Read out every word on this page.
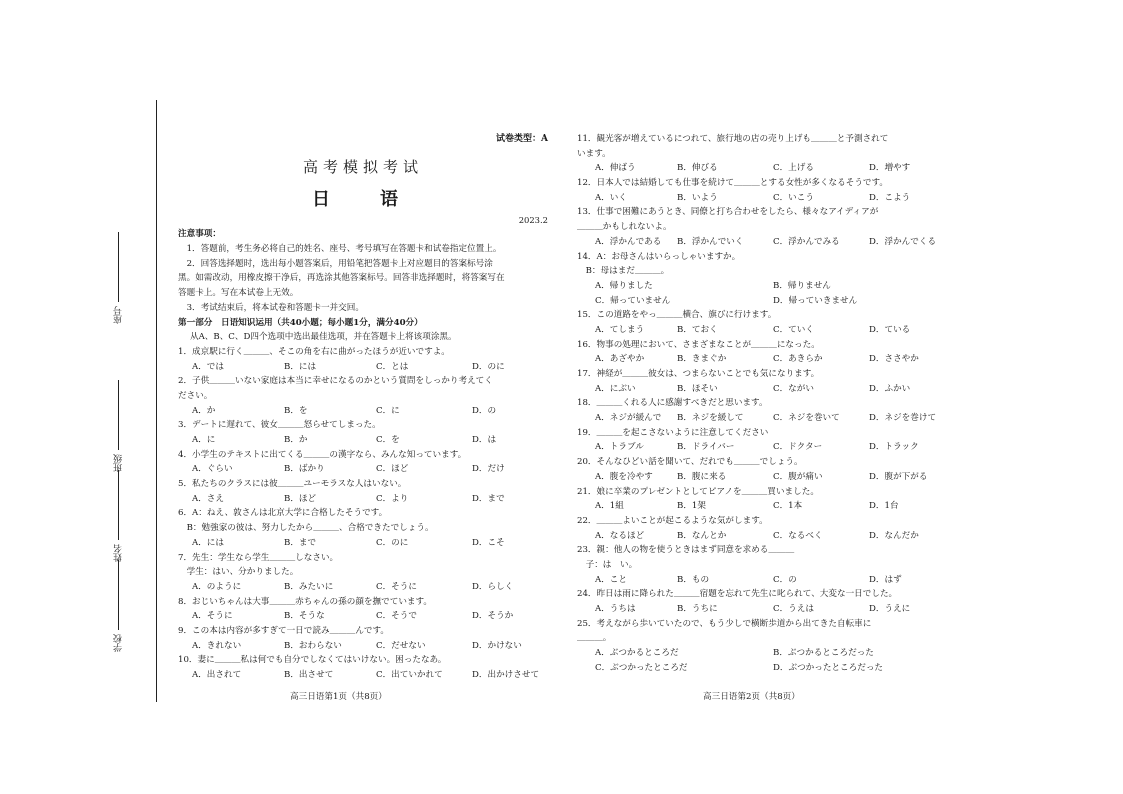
座号
班级
姓名
学校
试卷类型：A
高考模拟考试
日　语
2023.2
注意事项：
　1．答题前，考生务必将自己的姓名、座号、考号填写在答题卡和试卷指定位置上。
　2．回答选择题时，选出每小题答案后，用铅笔把答题卡上对应题目的答案标号涂
黑。如需改动，用橡皮擦干净后，再选涂其他答案标号。回答非选择题时，将答案写在
答题卡上。写在本试卷上无效。
　3．考试结束后，将本试卷和答题卡一并交回。
第一部分　日语知识运用（共40小题；每小题1分，满分40分）
从A、B、C、D四个选项中选出最佳选项，并在答题卡上将该项涂黑。
1．成京駅に行く＿＿＿、そこの角を右に曲がったほうが近いですよ。
A．では	B．には	C．とは	D．のに
2．子供＿＿＿いない家庭は本当に幸せになるのかという質問をしっかり考えてく
ださい。
A．か	B．を	C．に	D．の
3．デートに遅れて、彼女＿＿＿怒らせてしまった。
A．に	B．か	C．を	D．は
4．小学生のテキストに出てくる＿＿＿の漢字なら、みんな知っています。
A．ぐらい	B．ばかり	C．ほど	D．だけ
5．私たちのクラスには彼＿＿＿ユーモラスな人はいない。
A．さえ	B．ほど	C．より	D．まで
6．A：ねえ、敦さんは北京大学に合格したそうです。
　B：勉強家の彼は、努力したから＿＿＿、合格できたでしょう。
A．には	B．まで	C．のに	D．こそ
7．先生：学生なら学生＿＿＿しなさい。
　学生：はい、分かりました。
A．のように	B．みたいに	C．そうに	D．らしく
8．おじいちゃんは大事＿＿＿赤ちゃんの孫の顔を撫でています。
A．そうに	B．そうな	C．そうで	D．そうか
9．この本は内容が多すぎて一日で読み＿＿＿んです。
A．きれない	B．おわらない	C．だせない	D．かけない
10．妻に＿＿＿私は何でも自分でしなくてはいけない。困ったなあ。
A．出されて	B．出させて	C．出ていかれて	D．出かけさせて
高三日语第1页（共8页）
11．観光客が増えているにつれて、旅行地の店の売り上げも＿＿＿と予測されて
います。
A．伸ばう	B．伸びる	C．上げる	D．増やす
12．日本人では結婚しても仕事を続けて＿＿＿とする女性が多くなるそうです。
A．いく	B．いよう	C．いこう	D．こよう
13．仕事で困難にあうとき、同僚と打ち合わせをしたら、様々なアイディアが
＿＿＿かもしれないよ。
A．浮かんである B．浮かんでいく	C．浮かんでみる	D．浮かんでくる
14．A：お母さんはいらっしゃいますか。
　B：母はまだ＿＿＿。
A．帰りました	B．帰りません
C．帰っていません	D．帰っていきません
15．この道路をやっ＿＿＿横合、旗びに行けます。
A．てしまう	B．ておく	C．ていく	D．ている
16．物事の処理において、さまざまなことが＿＿＿になった。
A．あざやか	B．きまぐか	C．あきらか	D．ささやか
17．神経が＿＿＿彼女は、つまらないことでも気になります。
A．にぶい	B．ほそい	C．ながい	D．ふかい
18．＿＿＿くれる人に感謝すべきだと思います。
A．ネジが緩んで B．ネジを緩して	C．ネジを巻いて	D．ネジを巻けて
19．＿＿＿を起こさないように注意してください
A．トラブル	B．ドライバー	C．ドクター	D．トラック
20．そんなひどい話を聞いて、だれでも＿＿＿でしょう。
A．腹を冷やす	B．腹に来る	C．腹が痛い	D．腹が下がる
21．娘に卒業のプレゼントとしてピアノを＿＿＿買いました。
A．1組	B．1架	C．1本	D．1台
22．＿＿＿よいことが起こるような気がします。
A．なるほど	B．なんとか	C．なるべく	D．なんだか
23．親：他人の物を使うときはまず同意を求める＿＿＿
　子：は　い。
A．こと	B．もの	C．の	D．はず
24．昨日は雨に降られた＿＿＿宿題を忘れて先生に叱られて、大変な一日でした。
A．うちは	B．うちに	C．うえは	D．うえに
25．考えながら歩いていたので、もう少しで横断歩道から出てきた自転車に
＿＿＿。
A．ぶつかるところだ	B．ぶつかるところだった
C．ぶつかったところだ	D．ぶつかったところだった
高三日语第2页（共8页）
